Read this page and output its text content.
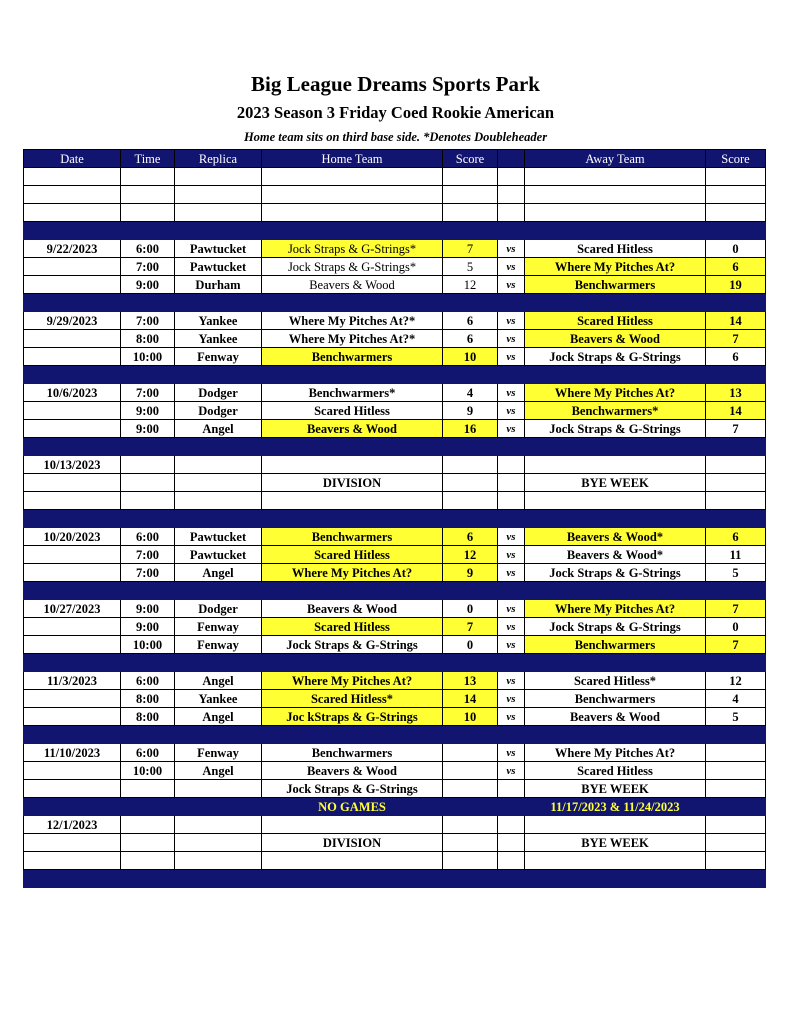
Big League Dreams Sports Park
2023 Season 3 Friday Coed Rookie American
Home team sits on third base side. *Denotes Doubleheader
Date	Time	Replica	Home Team	Score		Away Team	Score

9/22/2023	6:00	Pawtucket	Jock Straps & G-Strings*	7	vs	Scared Hitless	0
	7:00	Pawtucket	Jock Straps & G-Strings*	5	vs	Where My Pitches At?	6
	9:00	Durham	Beavers & Wood	12	vs	Benchwarmers	19

9/29/2023	7:00	Yankee	Where My Pitches At?*	6	vs	Scared Hitless	14
	8:00	Yankee	Where My Pitches At?*	6	vs	Beavers & Wood	7
	10:00	Fenway	Benchwarmers	10	vs	Jock Straps & G-Strings	6

10/6/2023	7:00	Dodger	Benchwarmers*	4	vs	Where My Pitches At?	13
	9:00	Dodger	Scared Hitless	9	vs	Benchwarmers*	14
	9:00	Angel	Beavers & Wood	16	vs	Jock Straps & G-Strings	7

10/13/2023							
			DIVISION			BYE WEEK	

10/20/2023	6:00	Pawtucket	Benchwarmers	6	vs	Beavers & Wood*	6
	7:00	Pawtucket	Scared Hitless	12	vs	Beavers & Wood*	11
	7:00	Angel	Where My Pitches At?	9	vs	Jock Straps & G-Strings	5

10/27/2023	9:00	Dodger	Beavers & Wood	0	vs	Where My Pitches At?	7
	9:00	Fenway	Scared Hitless	7	vs	Jock Straps & G-Strings	0
	10:00	Fenway	Jock Straps & G-Strings	0	vs	Benchwarmers	7

11/3/2023	6:00	Angel	Where My Pitches At?	13	vs	Scared Hitless*	12
	8:00	Yankee	Scared Hitless*	14	vs	Benchwarmers	4
	8:00	Angel	Joc kStraps & G-Strings	10	vs	Beavers & Wood	5

11/10/2023	6:00	Fenway	Benchwarmers		vs	Where My Pitches At?	
	10:00	Angel	Beavers & Wood		vs	Scared Hitless	
			Jock Straps & G-Strings			BYE WEEK	
			NO GAMES			11/17/2023 & 11/24/2023	
12/1/2023							
			DIVISION			BYE WEEK	
